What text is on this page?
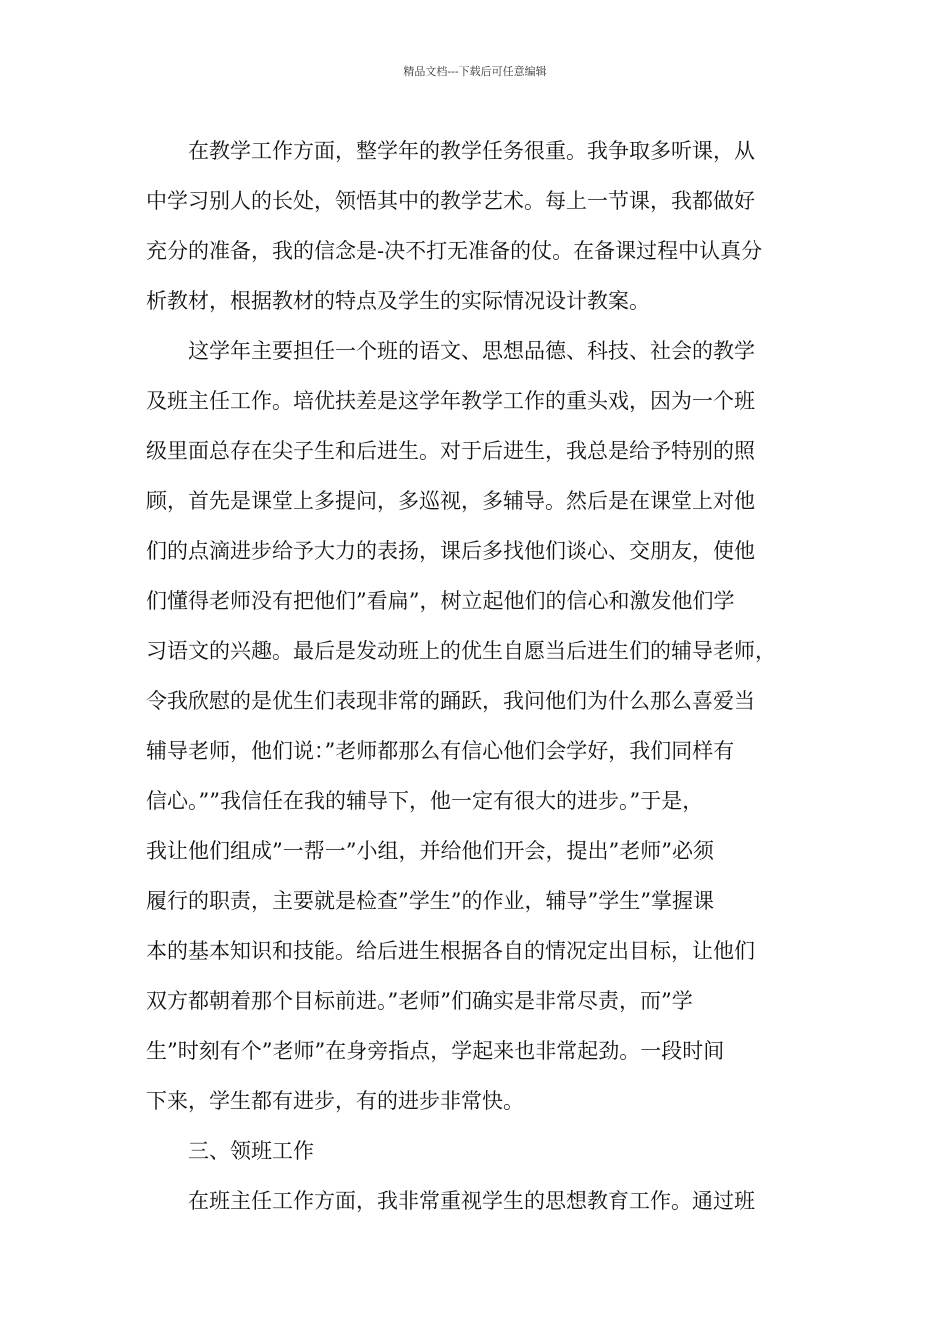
精品文档---下载后可任意编辑
　　在教学工作方面，整学年的教学任务很重。我争取多听课，从
中学习别人的长处，领悟其中的教学艺术。每上一节课，我都做好
充分的准备，我的信念是-决不打无准备的仗。在备课过程中认真分
析教材，根据教材的特点及学生的实际情况设计教案。
　　这学年主要担任一个班的语文、思想品德、科技、社会的教学
及班主任工作。培优扶差是这学年教学工作的重头戏，因为一个班
级里面总存在尖子生和后进生。对于后进生，我总是给予特别的照
顾，首先是课堂上多提问，多巡视，多辅导。然后是在课堂上对他
们的点滴进步给予大力的表扬，课后多找他们谈心、交朋友，使他
们懂得老师没有把他们”看扁”，树立起他们的信心和激发他们学
习语文的兴趣。最后是发动班上的优生自愿当后进生们的辅导老师，
令我欣慰的是优生们表现非常的踊跃，我问他们为什么那么喜爱当
辅导老师，他们说：”老师都那么有信心他们会学好，我们同样有
信心。””我信任在我的辅导下，他一定有很大的进步。”于是，
我让他们组成”一帮一”小组，并给他们开会，提出”老师”必须
履行的职责，主要就是检查”学生”的作业，辅导”学生”掌握课
本的基本知识和技能。给后进生根据各自的情况定出目标，让他们
双方都朝着那个目标前进。”老师”们确实是非常尽责，而”学
生”时刻有个”老师”在身旁指点，学起来也非常起劲。一段时间
下来，学生都有进步，有的进步非常快。
　　三、领班工作
　　在班主任工作方面，我非常重视学生的思想教育工作。通过班
